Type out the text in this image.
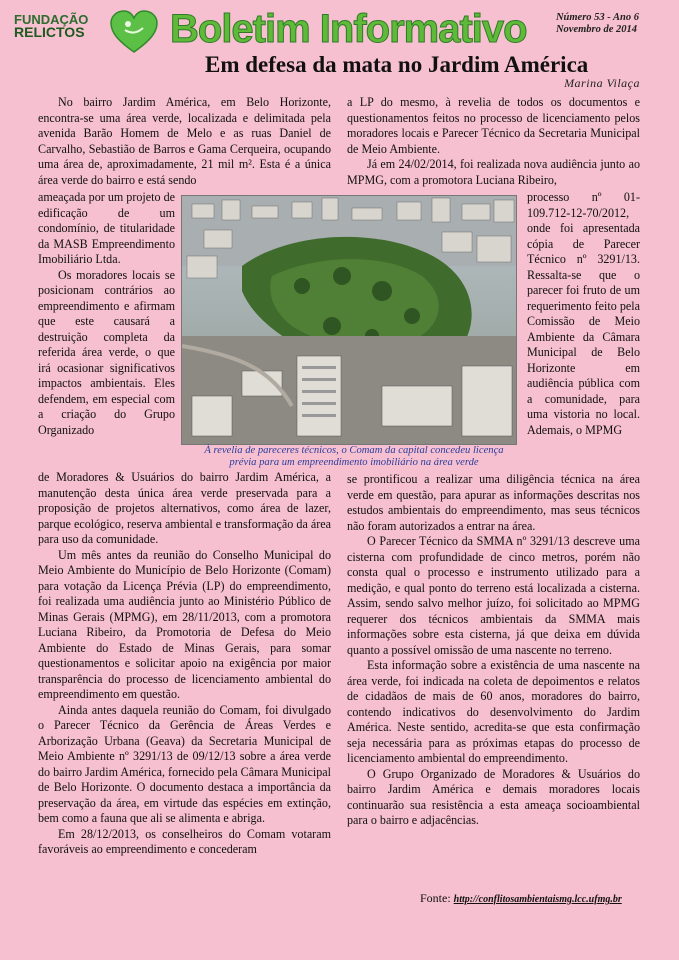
FUNDAÇÃO
RELICTOS	Boletim Informativo	Número 53 - Ano 6
Novembro de 2014
Em defesa da mata no Jardim América
Marina Vilaça

No bairro Jardim América, em Belo Horizonte, encontra-se uma área verde, localizada e delimitada pela avenida Barão Homem de Melo e as ruas Daniel de Carvalho, Sebastião de Barros e Gama Cerqueira, ocupando uma área de, aproximadamente, 21 mil m². Esta é a única área verde do bairro e está sendo

ameaçada por um projeto de edificação de um condomínio, de titularidade da MASB Empreendimento Imobiliário Ltda.

Os moradores locais se posicionam contrários ao empreendimento e afirmam que este causará a destruição completa da referida área verde, o que irá ocasionar significativos impactos ambientais. Eles defendem, em especial com a criação do Grupo Organizado

de Moradores & Usuários do bairro Jardim América, a manutenção desta única área verde preservada para a proposição de projetos alternativos, como área de lazer, parque ecológico, reserva ambiental e transformação da área para uso da comunidade.

Um mês antes da reunião do Conselho Municipal do Meio Ambiente do Município de Belo Horizonte (Comam) para votação da Licença Prévia (LP) do empreendimento, foi realizada uma audiência junto ao Ministério Público de Minas Gerais (MPMG), em 28/11/2013, com a promotora Luciana Ribeiro, da Promotoria de Defesa do Meio Ambiente do Estado de Minas Gerais, para somar questionamentos e solicitar apoio na exigência por maior transparência do processo de licenciamento ambiental do empreendimento em questão.

Ainda antes daquela reunião do Comam, foi divulgado o Parecer Técnico da Gerência de Áreas Verdes e Arborização Urbana (Geava) da Secretaria Municipal de Meio Ambiente nº 3291/13 de 09/12/13 sobre a área verde do bairro Jardim América, fornecido pela Câmara Municipal de Belo Horizonte. O documento destaca a importância da preservação da área, em virtude das espécies em extinção, bem como a fauna que ali se alimenta e abriga.

Em 28/12/2013, os conselheiros do Comam votaram favoráveis ao empreendimento e concederam

a LP do mesmo, à revelia de todos os documentos e questionamentos feitos no processo de licenciamento pelos moradores locais e Parecer Técnico da Secretaria Municipal de Meio Ambiente.

Já em 24/02/2014, foi realizada nova audiência junto ao MPMG, com a promotora Luciana Ribeiro,

processo nº 01-109.712-12-70/2012, onde foi apresentada cópia de Parecer Técnico nº 3291/13. Ressalta-se que o parecer foi fruto de um requerimento feito pela Comissão de Meio Ambiente da Câmara Municipal de Belo Horizonte em audiência pública com a comunidade, para uma vistoria no local. Ademais, o MPMG

se prontificou a realizar uma diligência técnica na área verde em questão, para apurar as informações descritas nos estudos ambientais do empreendimento, mas seus técnicos não foram autorizados a entrar na área.

O Parecer Técnico da SMMA nº 3291/13 descreve uma cisterna com profundidade de cinco metros, porém não consta qual o processo e instrumento utilizado para a medição, e qual ponto do terreno está localizada a cisterna. Assim, sendo salvo melhor juízo, foi solicitado ao MPMG requerer dos técnicos ambientais da SMMA mais informações sobre esta cisterna, já que deixa em dúvida quanto a possível omissão de uma nascente no terreno.

Esta informação sobre a existência de uma nascente na área verde, foi indicada na coleta de depoimentos e relatos de cidadãos de mais de 60 anos, moradores do bairro, contendo indicativos do desenvolvimento do Jardim América. Neste sentido, acredita-se que esta confirmação seja necessária para as próximas etapas do processo de licenciamento ambiental do empreendimento.

O Grupo Organizado de Moradores & Usuários do bairro Jardim América e demais moradores locais continuarão sua resistência a esta ameaça socioambiental para o bairro e adjacências.

À revelia de pareceres técnicos, o Comam da capital concedeu licença
prévia para um empreendimento imobiliário na área verde
Fonte: http://conflitosambientaismg.lcc.ufmg.br
